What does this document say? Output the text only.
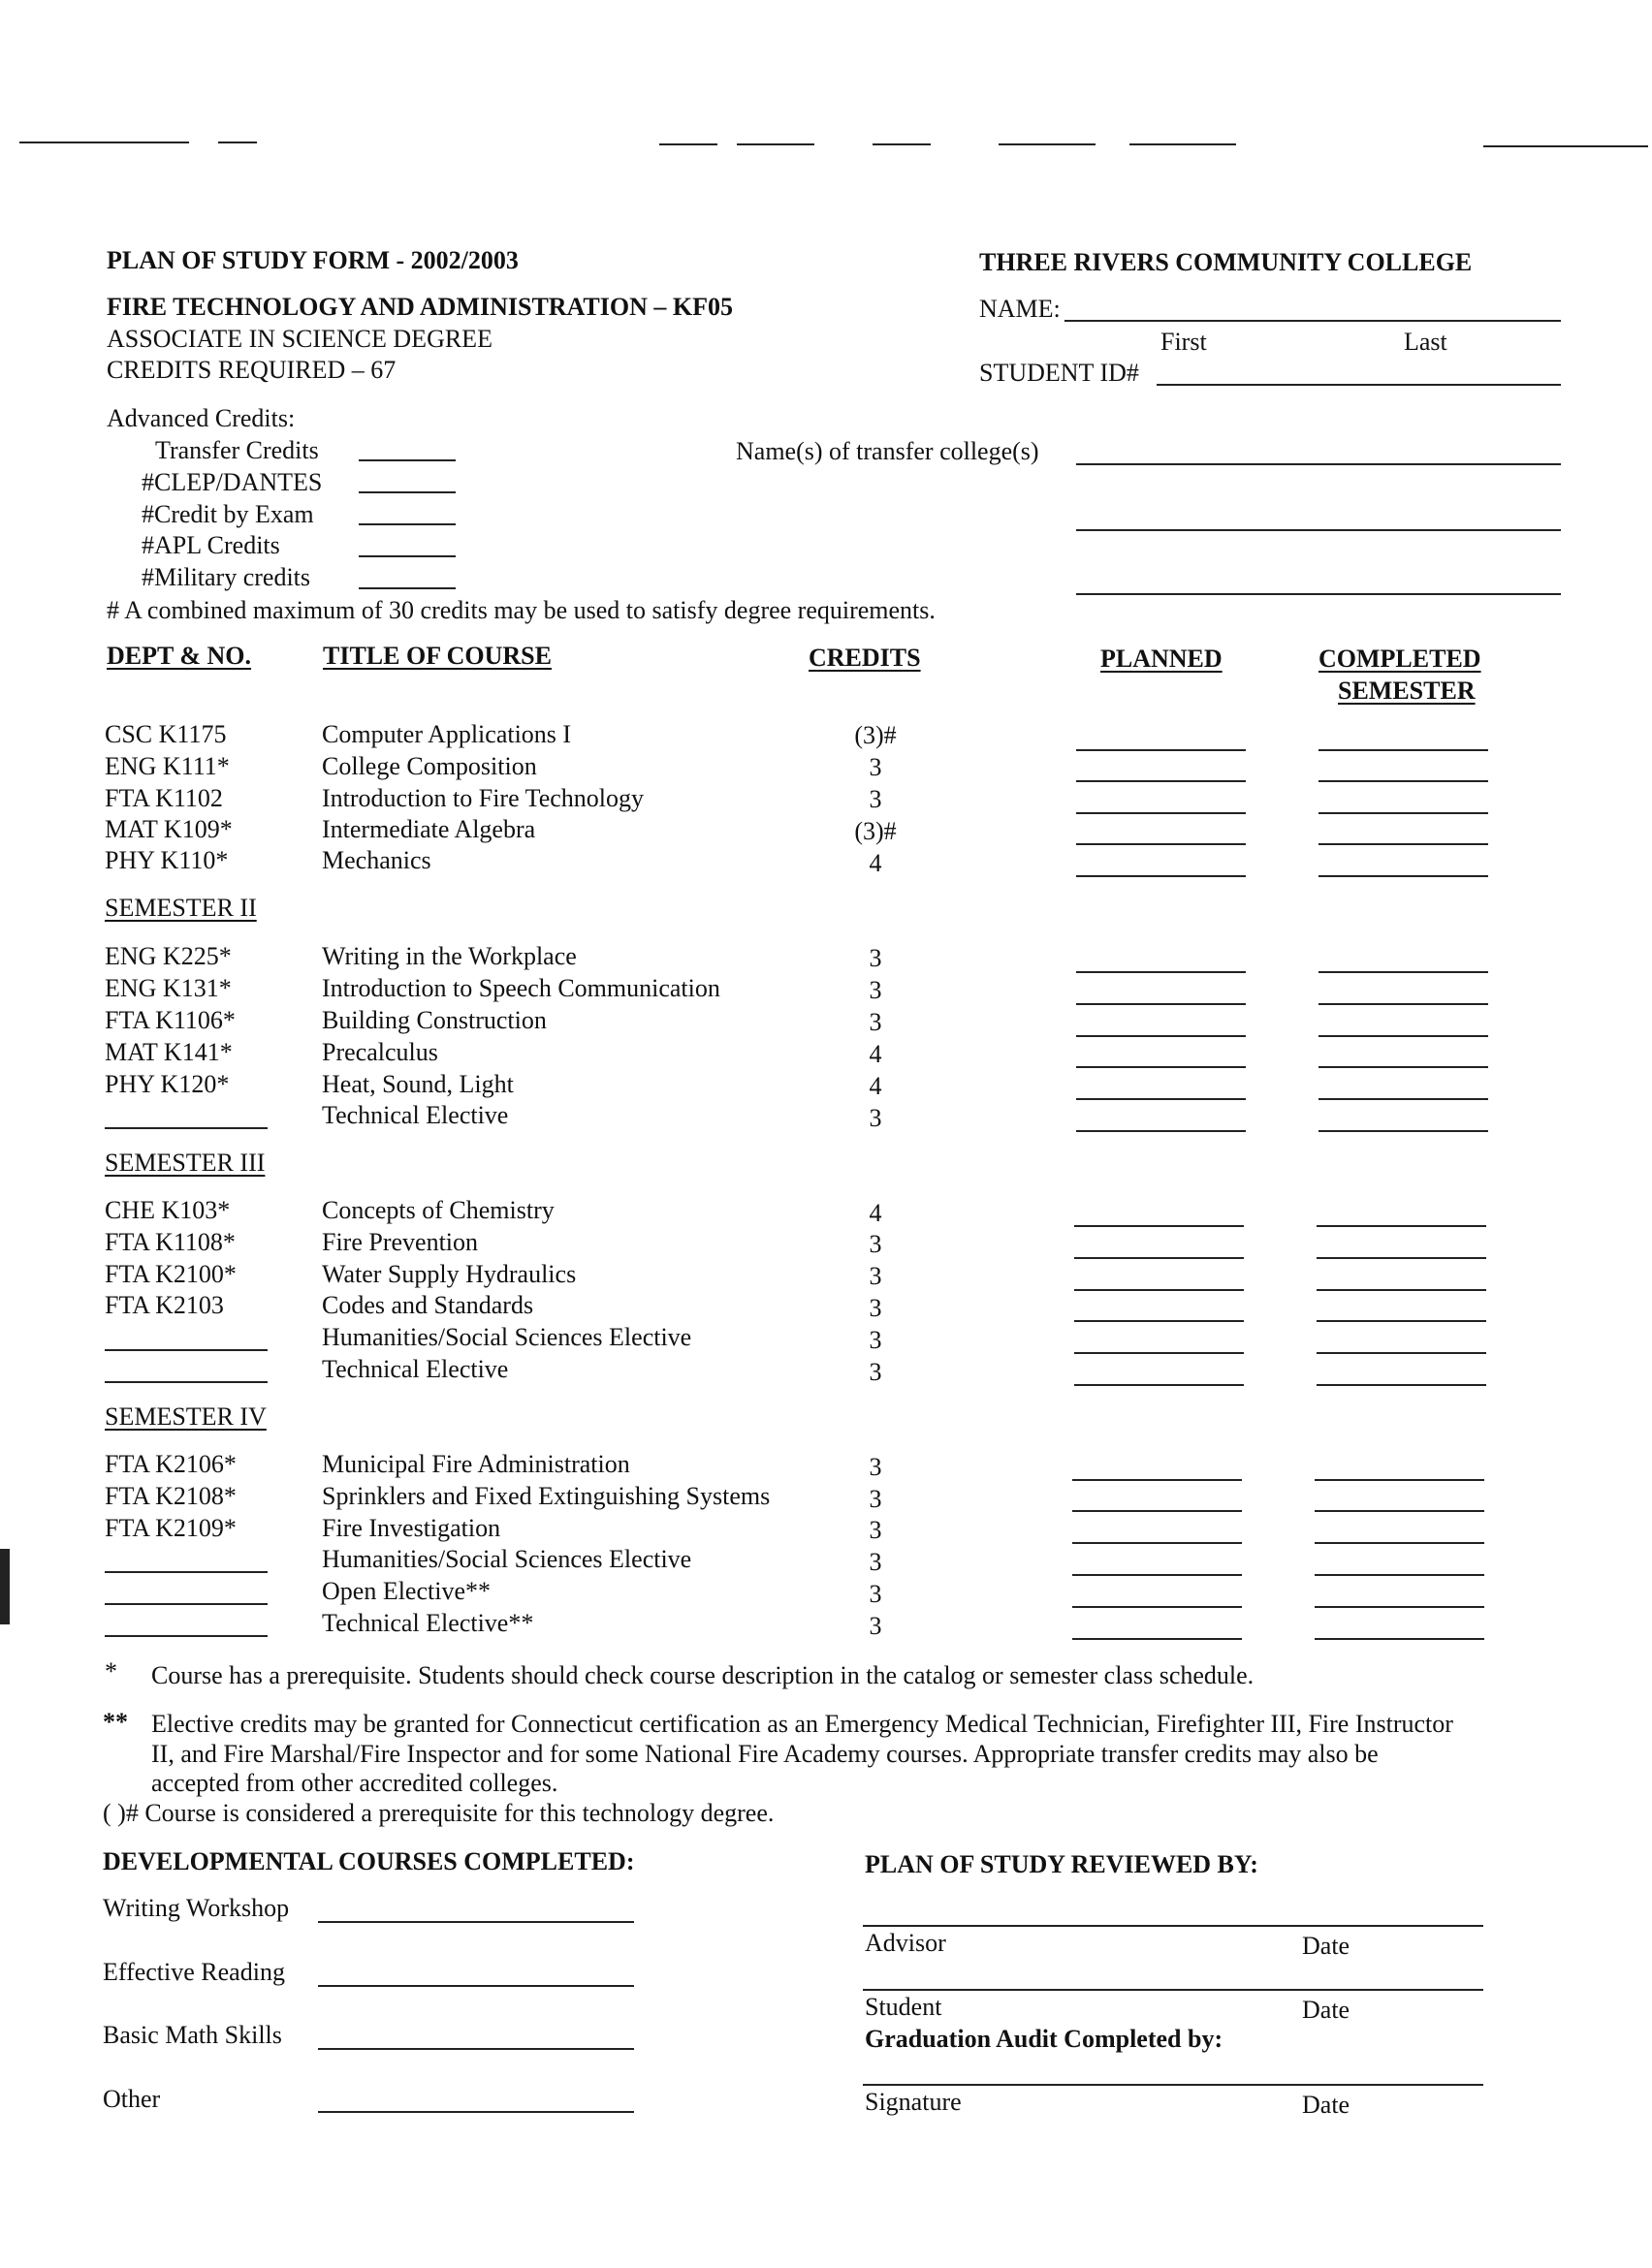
PLAN OF STUDY FORM - 2002/2003	THREE RIVERS COMMUNITY COLLEGE
FIRE TECHNOLOGY AND ADMINISTRATION – KF05
ASSOCIATE IN SCIENCE DEGREE
CREDITS REQUIRED – 67
NAME:
First	Last
STUDENT ID#
Advanced Credits:
Transfer Credits
#CLEP/DANTES
#Credit by Exam
#APL Credits
#Military credits
Name(s) of transfer college(s)
# A combined maximum of 30 credits may be used to satisfy degree requirements.
DEPT & NO.	TITLE OF COURSE	CREDITS	PLANNED	COMPLETED
SEMESTER
CSC K1175	Computer Applications I	(3)#
ENG K111*	College Composition	3
FTA K1102	Introduction to Fire Technology	3
MAT K109*	Intermediate Algebra	(3)#
PHY K110*	Mechanics	4
SEMESTER II
ENG K225*	Writing in the Workplace	3
ENG K131*	Introduction to Speech Communication	3
FTA K1106*	Building Construction	3
MAT K141*	Precalculus	4
PHY K120*	Heat, Sound, Light	4
Technical Elective	3
SEMESTER III
CHE K103*	Concepts of Chemistry	4
FTA K1108*	Fire Prevention	3
FTA K2100*	Water Supply Hydraulics	3
FTA K2103	Codes and Standards	3
Humanities/Social Sciences Elective	3
Technical Elective	3
SEMESTER IV
FTA K2106*	Municipal Fire Administration	3
FTA K2108*	Sprinklers and Fixed Extinguishing Systems	3
FTA K2109*	Fire Investigation	3
Humanities/Social Sciences Elective	3
Open Elective**	3
Technical Elective**	3
* Course has a prerequisite. Students should check course description in the catalog or semester class schedule.
** Elective credits may be granted for Connecticut certification as an Emergency Medical Technician, Firefighter III, Fire Instructor
II, and Fire Marshal/Fire Inspector and for some National Fire Academy courses. Appropriate transfer credits may also be
accepted from other accredited colleges.
( )# Course is considered a prerequisite for this technology degree.
DEVELOPMENTAL COURSES COMPLETED:
Writing Workshop
Effective Reading
Basic Math Skills
Other
PLAN OF STUDY REVIEWED BY:
Advisor	Date
Student	Date
Graduation Audit Completed by:
Signature	Date
